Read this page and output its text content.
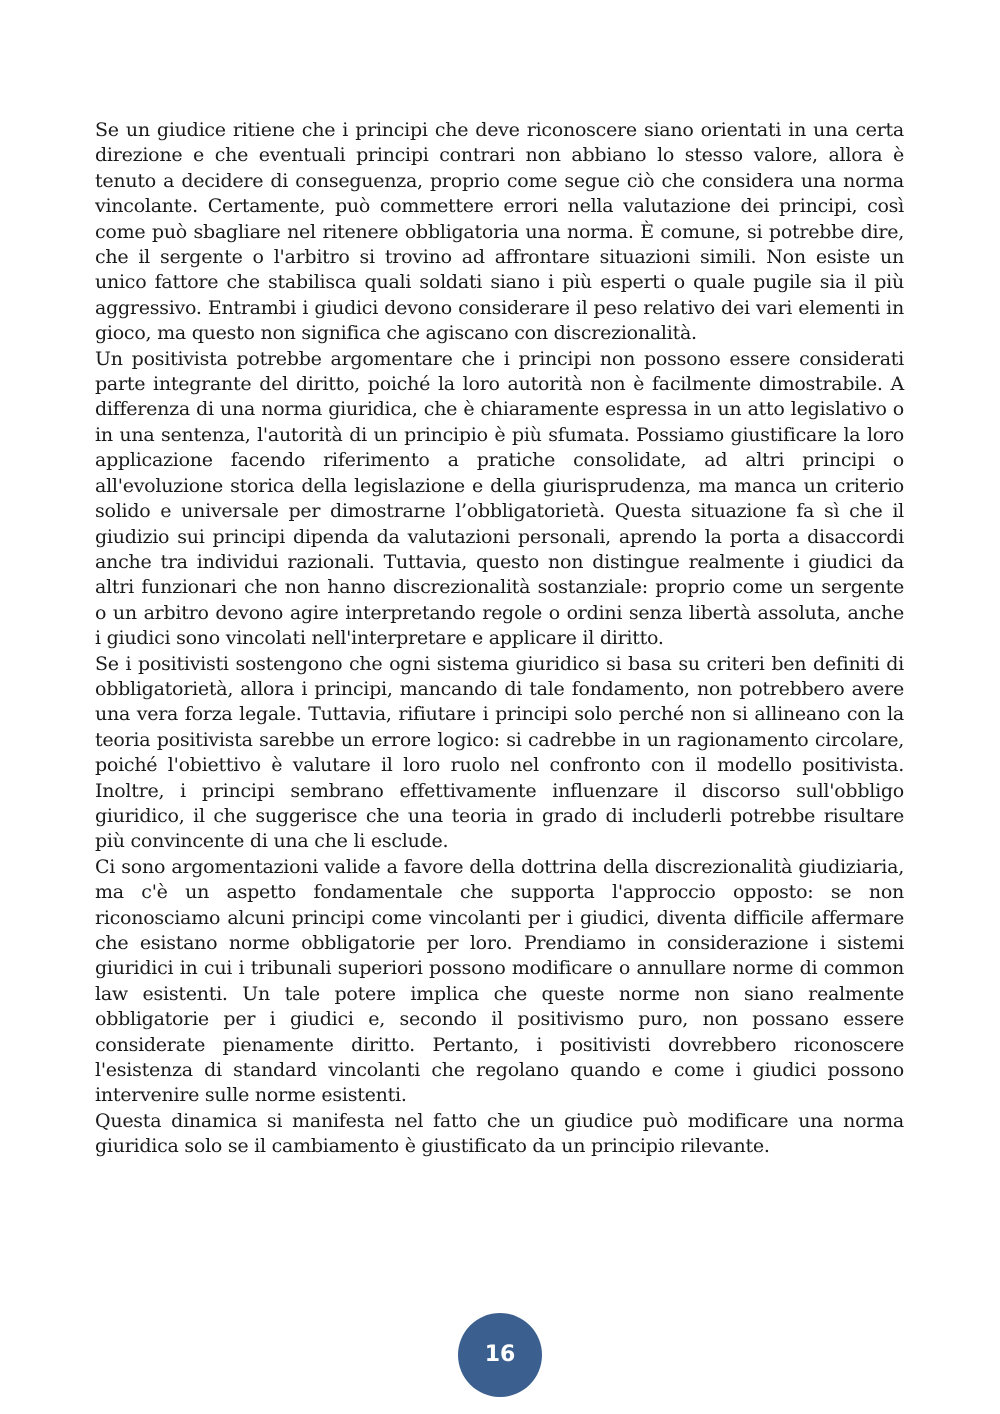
Se un giudice ritiene che i principi che deve riconoscere siano orientati in una certa direzione e che eventuali principi contrari non abbiano lo stesso valore, allora è tenuto a decidere di conseguenza, proprio come segue ciò che considera una norma vincolante. Certamente, può commettere errori nella valutazione dei principi, così come può sbagliare nel ritenere obbligatoria una norma. È comune, si potrebbe dire, che il sergente o l'arbitro si trovino ad affrontare situazioni simili. Non esiste un unico fattore che stabilisca quali soldati siano i più esperti o quale pugile sia il più aggressivo. Entrambi i giudici devono considerare il peso relativo dei vari elementi in gioco, ma questo non significa che agiscano con discrezionalità.

Un positivista potrebbe argomentare che i principi non possono essere considerati parte integrante del diritto, poiché la loro autorità non è facilmente dimostrabile. A differenza di una norma giuridica, che è chiaramente espressa in un atto legislativo o in una sentenza, l'autorità di un principio è più sfumata. Possiamo giustificare la loro applicazione facendo riferimento a pratiche consolidate, ad altri principi o all'evoluzione storica della legislazione e della giurisprudenza, ma manca un criterio solido e universale per dimostrarne l’obbligatorietà. Questa situazione fa sì che il giudizio sui principi dipenda da valutazioni personali, aprendo la porta a disaccordi anche tra individui razionali. Tuttavia, questo non distingue realmente i giudici da altri funzionari che non hanno discrezionalità sostanziale: proprio come un sergente o un arbitro devono agire interpretando regole o ordini senza libertà assoluta, anche i giudici sono vincolati nell'interpretare e applicare il diritto.

Se i positivisti sostengono che ogni sistema giuridico si basa su criteri ben definiti di obbligatorietà, allora i principi, mancando di tale fondamento, non potrebbero avere una vera forza legale. Tuttavia, rifiutare i principi solo perché non si allineano con la teoria positivista sarebbe un errore logico: si cadrebbe in un ragionamento circolare, poiché l'obiettivo è valutare il loro ruolo nel confronto con il modello positivista. Inoltre, i principi sembrano effettivamente influenzare il discorso sull'obbligo giuridico, il che suggerisce che una teoria in grado di includerli potrebbe risultare più convincente di una che li esclude.

Ci sono argomentazioni valide a favore della dottrina della discrezionalità giudiziaria, ma c'è un aspetto fondamentale che supporta l'approccio opposto: se non riconosciamo alcuni principi come vincolanti per i giudici, diventa difficile affermare che esistano norme obbligatorie per loro. Prendiamo in considerazione i sistemi giuridici in cui i tribunali superiori possono modificare o annullare norme di common law esistenti. Un tale potere implica che queste norme non siano realmente obbligatorie per i giudici e, secondo il positivismo puro, non possano essere considerate pienamente diritto. Pertanto, i positivisti dovrebbero riconoscere l'esistenza di standard vincolanti che regolano quando e come i giudici possono intervenire sulle norme esistenti.

Questa dinamica si manifesta nel fatto che un giudice può modificare una norma giuridica solo se il cambiamento è giustificato da un principio rilevante.

16
